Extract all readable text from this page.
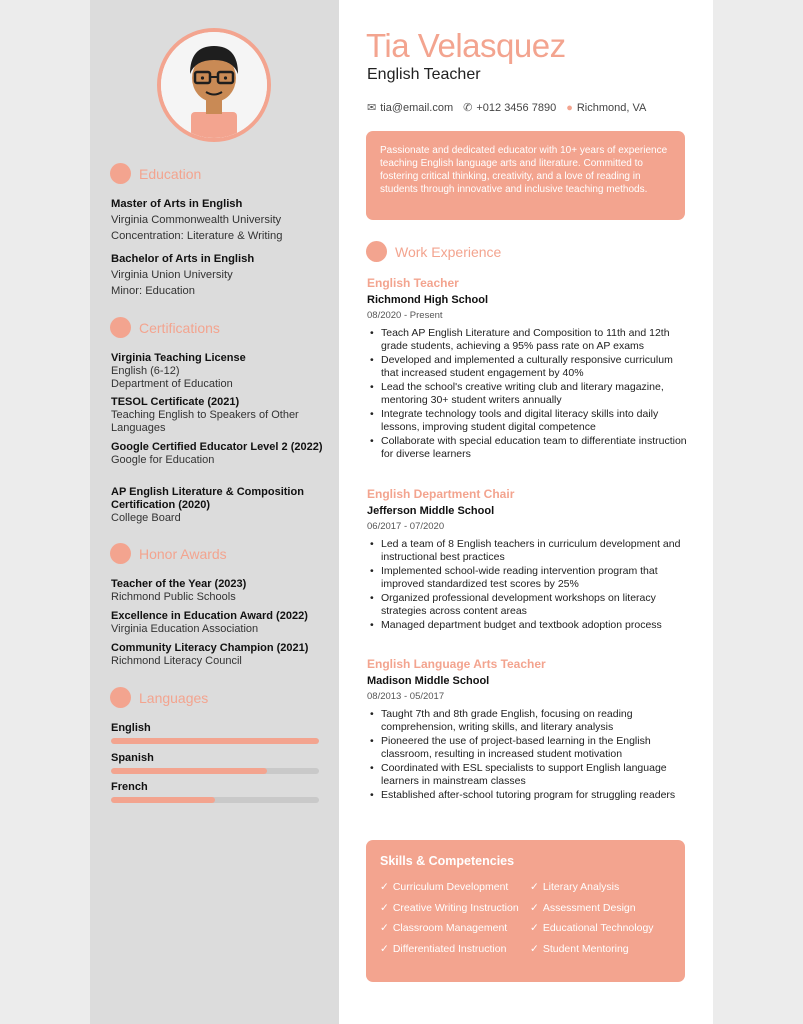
Education
Master of Arts in English
Virginia Commonwealth University
Concentration: Literature & Writing
Bachelor of Arts in English
Virginia Union University
Minor: Education
Certifications
Virginia Teaching License
English (6-12)
Department of Education
TESOL Certificate (2021)
Teaching English to Speakers of Other Languages
Google Certified Educator Level 2 (2022)
Google for Education
AP English Literature & Composition Certification (2020)
College Board
Honor Awards
Teacher of the Year (2023)
Richmond Public Schools
Excellence in Education Award (2022)
Virginia Education Association
Community Literacy Champion (2021)
Richmond Literacy Council
Languages
English
Spanish
French
Tia Velasquez
English Teacher
✉ tia@email.com ✆ +012 3456 7890 ● Richmond, VA
Passionate and dedicated educator with 10+ years of experience teaching English language arts and literature. Committed to fostering critical thinking, creativity, and a love of reading in students through innovative and inclusive teaching methods.
Work Experience
English Teacher
Richmond High School
08/2020 - Present
• Teach AP English Literature and Composition to 11th and 12th grade students, achieving a 95% pass rate on AP exams
• Developed and implemented a culturally responsive curriculum that increased student engagement by 40%
• Lead the school's creative writing club and literary magazine, mentoring 30+ student writers annually
• Integrate technology tools and digital literacy skills into daily lessons, improving student digital competence
• Collaborate with special education team to differentiate instruction for diverse learners
English Department Chair
Jefferson Middle School
06/2017 - 07/2020
• Led a team of 8 English teachers in curriculum development and instructional best practices
• Implemented school-wide reading intervention program that improved standardized test scores by 25%
• Organized professional development workshops on literacy strategies across content areas
• Managed department budget and textbook adoption process
English Language Arts Teacher
Madison Middle School
08/2013 - 05/2017
• Taught 7th and 8th grade English, focusing on reading comprehension, writing skills, and literary analysis
• Pioneered the use of project-based learning in the English classroom, resulting in increased student motivation
• Coordinated with ESL specialists to support English language learners in mainstream classes
• Established after-school tutoring program for struggling readers
Skills & Competencies
✓ Curriculum Development ✓ Literary Analysis
✓ Creative Writing Instruction ✓ Assessment Design
✓ Classroom Management ✓ Educational Technology
✓ Differentiated Instruction ✓ Student Mentoring
